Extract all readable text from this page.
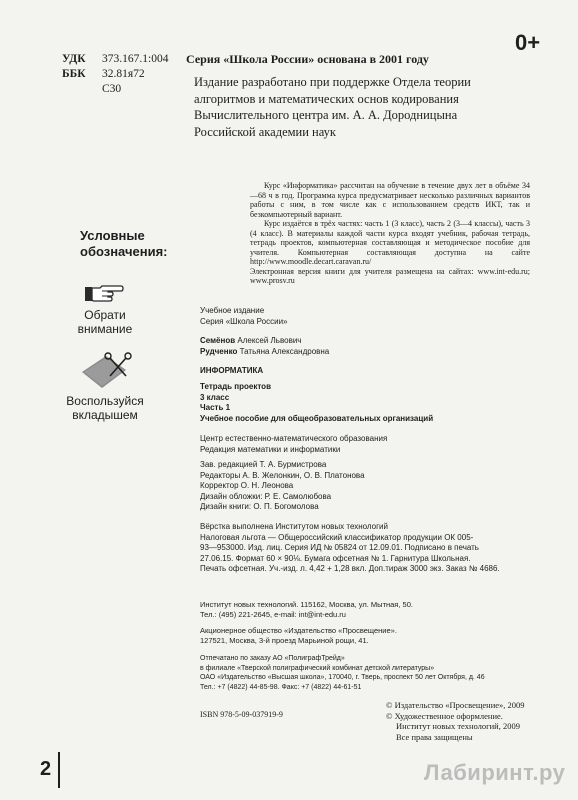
УДК	373.167.1:004
ББК	32.81я72
С30
Серия «Школа России» основана в 2001 году
0+
Издание разработано при поддержке Отдела теории
алгоритмов и математических основ кодирования
Вычислительного центра им. А. А. Дородницына
Российской академии наук
Условные
обозначения:
Обрати
внимание
Воспользуйся
вкладышем

Курс «Информатика» рассчитан на обучение в течение двух лет в объёме 34—68 ч в год. Программа курса предусматривает несколько различных вариантов работы с ним, в том числе как с использованием средств ИКТ, так и безкомпьютерный вариант.

Курс издаётся в трёх частях: часть 1 (3 класс), часть 2 (3—4 классы), часть 3 (4 класс). В материалы каждой части курса входят учебник, рабочая тетрадь, тетрадь проектов, компьютерная составляющая и методическое пособие для учителя. Компьютерная составляющая доступна на сайте http://www.moodle.decart.caravan.ru/

Электронная версия книги для учителя размещена на сайтах: www.int-edu.ru; www.prosv.ru

Учебное издание
Серия «Школа России»
Семёнов Алексей Львович
Рудченко Татьяна Александровна
ИНФОРМАТИКА
Тетрадь проектов
3 класс
Часть 1
Учебное пособие для общеобразовательных организаций
Центр естественно-математического образования
Редакция математики и информатики
Зав. редакцией Т. А. Бурмистрова
Редакторы А. В. Желонкин, О. В. Платонова
Корректор О. Н. Леонова
Дизайн обложки: Р. Е. Самолюбова
Дизайн книги: О. П. Богомолова
Вёрстка выполнена Институтом новых технологий
Налоговая льгота — Общероссийский классификатор продукции ОК 005-
93—953000. Изд. лиц. Серия ИД № 05824 от 12.09.01. Подписано в печать
27.06.15. Формат 60 × 90⅛. Бумага офсетная № 1. Гарнитура Школьная.
Печать офсетная. Уч.-изд. л. 4,42 + 1,28 вкл. Доп.тираж 3000 экз. Заказ № 4686.
Институт новых технологий. 115162, Москва, ул. Мытная, 50.
Тел.: (495) 221-2645, e-mail: int@int-edu.ru
Акционерное общество «Издательство «Просвещение».
127521, Москва, 3-й проезд Марьиной рощи, 41.
Отпечатано по заказу АО «ПолиграфТрейд»
в филиале «Тверской полиграфический комбинат детской литературы»
ОАО «Издательство «Высшая школа», 170040, г. Тверь, проспект 50 лет Октября, д. 46
Тел.: +7 (4822) 44-85-98. Факс: +7 (4822) 44-61-51
ISBN 978-5-09-037919-9
© Издательство «Просвещение», 2009
© Художественное оформление.
Институт новых технологий, 2009
Все права защищены
2	Лабиринт.ру
